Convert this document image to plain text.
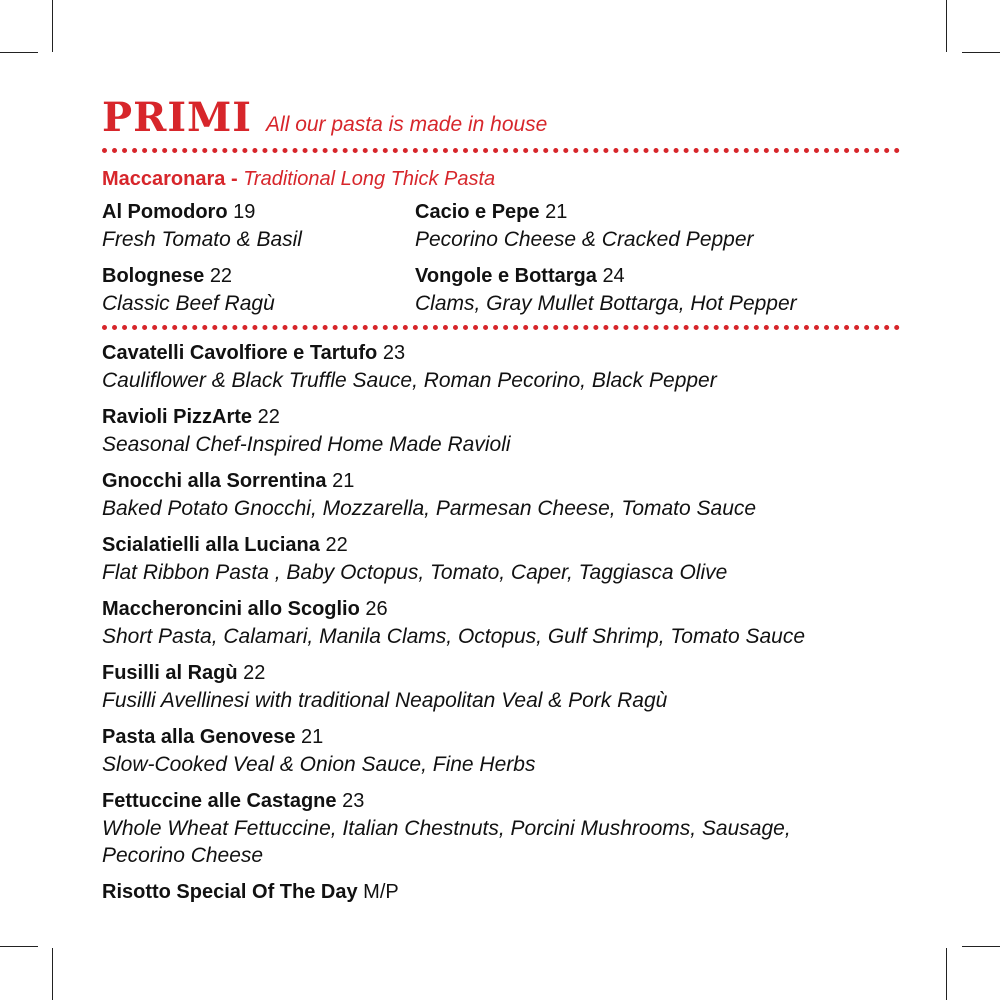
PRIMI All our pasta is made in house
Maccaronara - Traditional Long Thick Pasta
Al Pomodoro 19
Fresh Tomato & Basil
Cacio e Pepe 21
Pecorino Cheese & Cracked Pepper
Bolognese 22
Classic Beef Ragù
Vongole e Bottarga 24
Clams, Gray Mullet Bottarga, Hot Pepper
Cavatelli Cavolfiore e Tartufo 23
Cauliflower & Black Truffle Sauce, Roman Pecorino, Black Pepper
Ravioli PizzArte 22
Seasonal Chef-Inspired Home Made Ravioli
Gnocchi alla Sorrentina 21
Baked Potato Gnocchi, Mozzarella, Parmesan Cheese, Tomato Sauce
Scialatielli alla Luciana 22
Flat Ribbon Pasta , Baby Octopus, Tomato, Caper, Taggiasca Olive
Maccheroncini allo Scoglio 26
Short Pasta, Calamari, Manila Clams, Octopus, Gulf Shrimp, Tomato Sauce
Fusilli al Ragù 22
Fusilli Avellinesi with traditional Neapolitan Veal & Pork Ragù
Pasta alla Genovese 21
Slow-Cooked Veal & Onion Sauce, Fine Herbs
Fettuccine alle Castagne 23
Whole Wheat Fettuccine, Italian Chestnuts, Porcini Mushrooms, Sausage, Pecorino Cheese
Risotto Special Of The Day M/P
